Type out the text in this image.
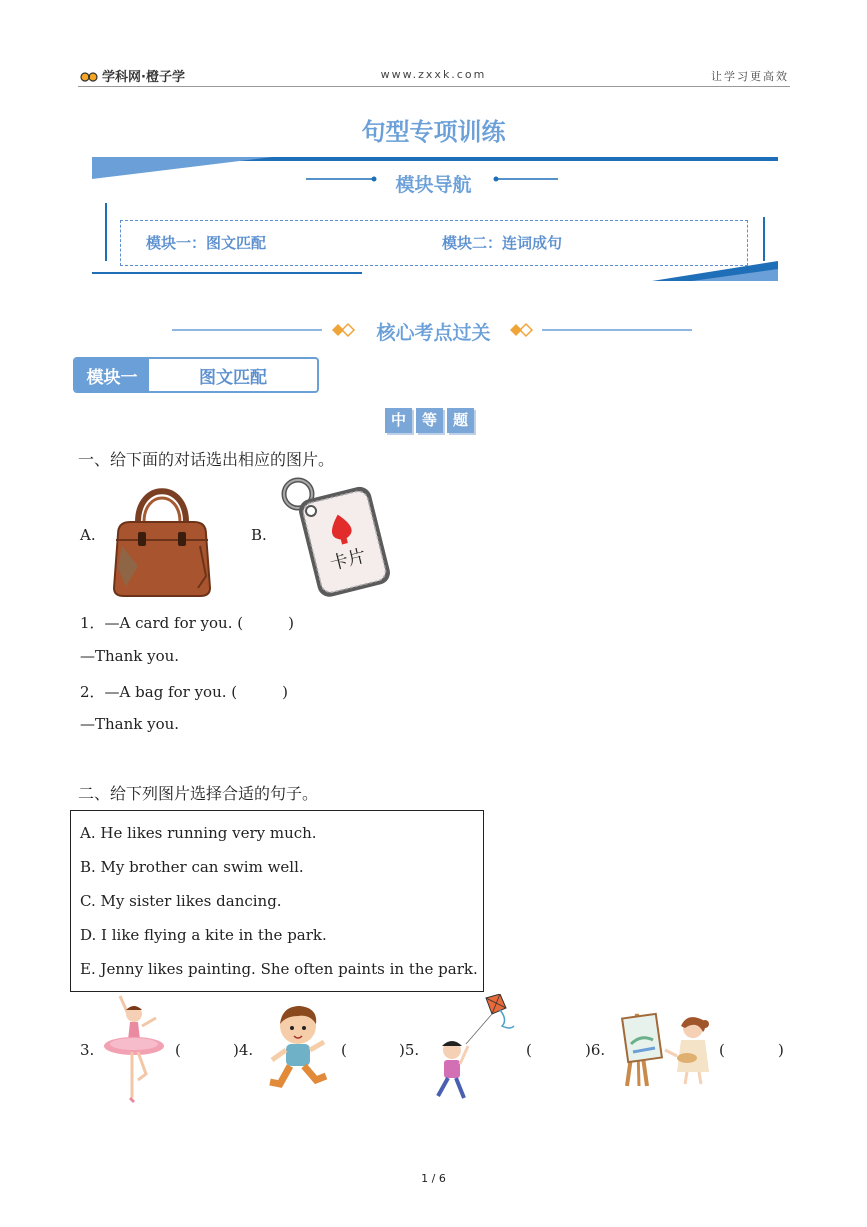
学科网·橙子学	www.zxxk.com	让学习更高效
句型专项训练
模块导航
模块一：图文匹配	模块二：连词成句
核心考点过关
模块一	图文匹配
中	等	题
一、给下面的对话选出相应的图片。
A.	B.
卡片
1．—A card for you. (　　　)
—Thank you.
2．—A bag for you. (　　　)
—Thank you.
二、给下列图片选择合适的句子。
A. He likes running very much.
B. My brother can swim well.
C. My sister likes dancing.
D. I like flying a kite in the park.
E. Jenny likes painting. She often paints in the park.
3.	(	)4.	(	)5.	(	)6.	(	)
1 / 6
